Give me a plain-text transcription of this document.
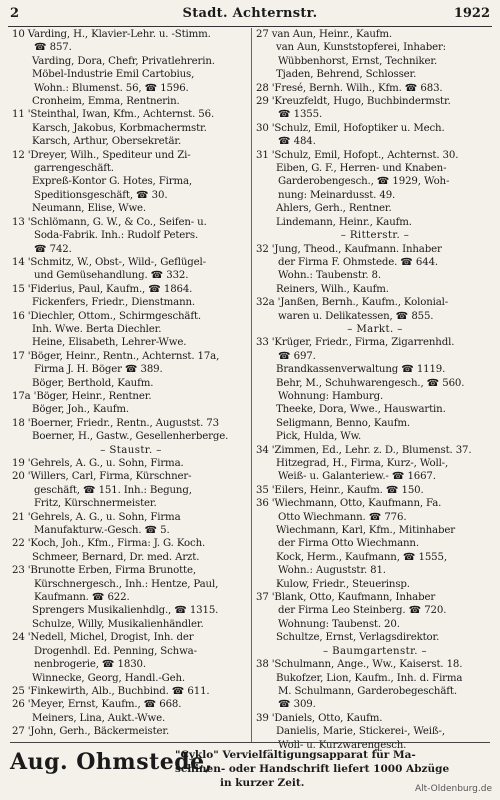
2	Stadt. Achternstr.	1922
10 Varding, H., Klavier-Lehr. u. -Stimm.
☎ 857.
Varding, Dora, Chefr, Privatlehrerin.
Möbel-Industrie Emil Cartobius,
Wohn.: Blumenst. 56, ☎ 1596.
Cronheim, Emma, Rentnerin.
11 'Steinthal, Iwan, Kfm., Achternst. 56.
Karsch, Jakobus, Korbmachermstr.
Karsch, Arthur, Obersekretär.
12 'Dreyer, Wilh., Spediteur und Zi-
garrengeschäft.
Expreß-Kontor G. Hotes, Firma,
Speditionsgeschäft, ☎ 30.
Neumann, Elise, Wwe.
13 'Schlömann, G. W., & Co., Seifen- u.
Soda-Fabrik. Inh.: Rudolf Peters.
☎ 742.
14 'Schmitz, W., Obst-, Wild-, Geflügel-
und Gemüsehandlung. ☎ 332.
15 'Fiderius, Paul, Kaufm., ☎ 1864.
Fickenfers, Friedr., Dienstmann.
16 'Diechler, Ottom., Schirmgeschäft.
Inh. Wwe. Berta Diechler.
Heine, Elisabeth, Lehrer-Wwe.
17 'Böger, Heinr., Rentn., Achternst. 17a,
Firma J. H. Böger ☎ 389.
Böger, Berthold, Kaufm.
17a 'Böger, Heinr., Rentner.
Böger, Joh., Kaufm.
18 'Boerner, Friedr., Rentn., Augustst. 73
Boerner, H., Gastw., Gesellenherberge.
– Staustr. –
19 'Gehrels, A. G., u. Sohn, Firma.
20 'Willers, Carl, Firma, Kürschner-
geschäft, ☎ 151. Inh.: Begung,
Fritz, Kürschnermeister.
21 'Gehrels, A. G., u. Sohn, Firma
Manufakturw.-Gesch. ☎ 5.
22 'Koch, Joh., Kfm., Firma: J. G. Koch.
Schmeer, Bernard, Dr. med. Arzt.
23 'Brunotte Erben, Firma Brunotte,
Kürschnergesch., Inh.: Hentze, Paul,
Kaufmann. ☎ 622.
Sprengers Musikalienhdlg., ☎ 1315.
Schulze, Willy, Musikalienhändler.
24 'Nedell, Michel, Drogist, Inh. der
Drogenhdl. Ed. Penning, Schwa-
nenbrogerie, ☎ 1830.
Winnecke, Georg, Handl.-Geh.
25 'Finkewirth, Alb., Buchbind. ☎ 611.
26 'Meyer, Ernst, Kaufm., ☎ 668.
Meiners, Lina, Aukt.-Wwe.
27 'John, Gerh., Bäckermeister.
27 van Aun, Heinr., Kaufm.
van Aun, Kunststopferei, Inhaber:
Wübbenhorst, Ernst, Techniker.
Tjaden, Behrend, Schlosser.
28 'Fresé, Bernh. Wilh., Kfm. ☎ 683.
29 'Kreuzfeldt, Hugo, Buchbindermstr.
☎ 1355.
30 'Schulz, Emil, Hofoptiker u. Mech.
☎ 484.
31 'Schulz, Emil, Hofopt., Achternst. 30.
Eiben, G. F., Herren- und Knaben-
Garderobengesch., ☎ 1929, Woh-
nung: Meinardusst. 49.
Ahlers, Gerh., Rentner.
Lindemann, Heinr., Kaufm.
– Ritterstr. –
32 'Jung, Theod., Kaufmann. Inhaber
der Firma F. Ohmstede. ☎ 644.
Wohn.: Taubenstr. 8.
Reiners, Wilh., Kaufm.
32a 'Janßen, Bernh., Kaufm., Kolonial-
waren u. Delikatessen, ☎ 855.
– Markt. –
33 'Krüger, Friedr., Firma, Zigarrenhdl.
☎ 697.
Brandkassenverwaltung ☎ 1119.
Behr, M., Schuhwarengesch., ☎ 560.
Wohnung: Hamburg.
Theeke, Dora, Wwe., Hauswartin.
Seligmann, Benno, Kaufm.
Pick, Hulda, Ww.
34 'Zimmen, Ed., Lehr. z. D., Blumenst. 37.
Hitzegrad, H., Firma, Kurz-, Woll-,
Weiß- u. Galanteriew.- ☎ 1667.
35 'Eilers, Heinr., Kaufm. ☎ 150.
36 'Wiechmann, Otto, Kaufmann, Fa.
Otto Wiechmann. ☎ 776.
Wiechmann, Karl, Kfm., Mitinhaber
der Firma Otto Wiechmann.
Kock, Herm., Kaufmann, ☎ 1555,
Wohn.: Auguststr. 81.
Kulow, Friedr., Steuerinsp.
37 'Blank, Otto, Kaufmann, Inhaber
der Firma Leo Steinberg. ☎ 720.
Wohnung: Taubenst. 20.
Schultze, Ernst, Verlagsdirektor.
– Baumgartenstr. –
38 'Schulmann, Ange., Ww., Kaiserst. 18.
Bukofzer, Lion, Kaufm., Inh. d. Firma
M. Schulmann, Garderobegeschäft.
☎ 309.
39 'Daniels, Otto, Kaufm.
Danielis, Marie, Stickerei-, Weiß-,
Woll- u. Kurzwarengesch.
Aug. Ohmstede,
"Cyklo" Vervielfältigungsapparat für Ma-
schinen- oder Handschrift liefert 1000 Abzüge
in kurzer Zeit.	Alt-Oldenburg.de
